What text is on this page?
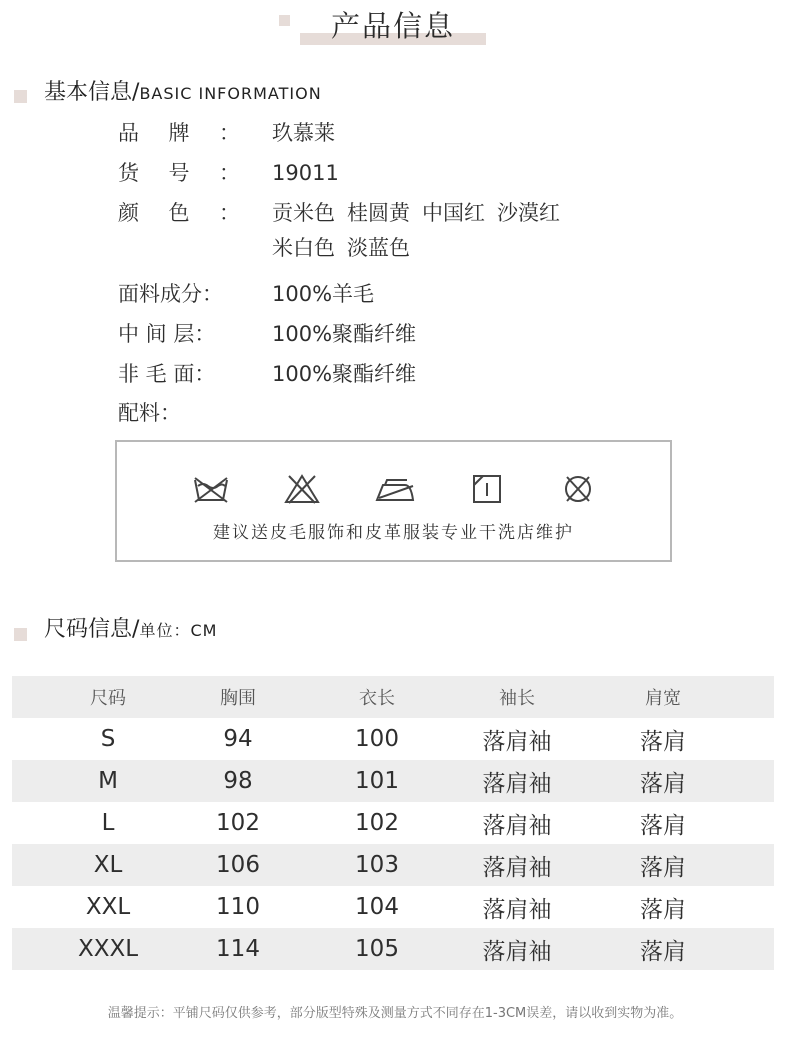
产品信息
基本信息/BASIC INFORMATION
品牌： 玖慕莱
货号： 19011
颜色： 贡米色 桂圆黄 中国红 沙漠红
米白色 淡蓝色
面料成分： 100%羊毛
中 间 层：	100%聚酯纤维
非 毛 面：	100%聚酯纤维
配料：
建议送皮毛服饰和皮革服装专业干洗店维护
尺码信息/单位：CM
尺码	胸围	衣长	袖长	肩宽
S	94	100	落肩袖	落肩
M	98	101	落肩袖	落肩
L	102	102	落肩袖	落肩
XL	106	103	落肩袖	落肩
XXL	110	104	落肩袖	落肩
XXXL	114	105	落肩袖	落肩
温馨提示：平铺尺码仅供参考，部分版型特殊及测量方式不同存在1-3CM误差，请以收到实物为准。
